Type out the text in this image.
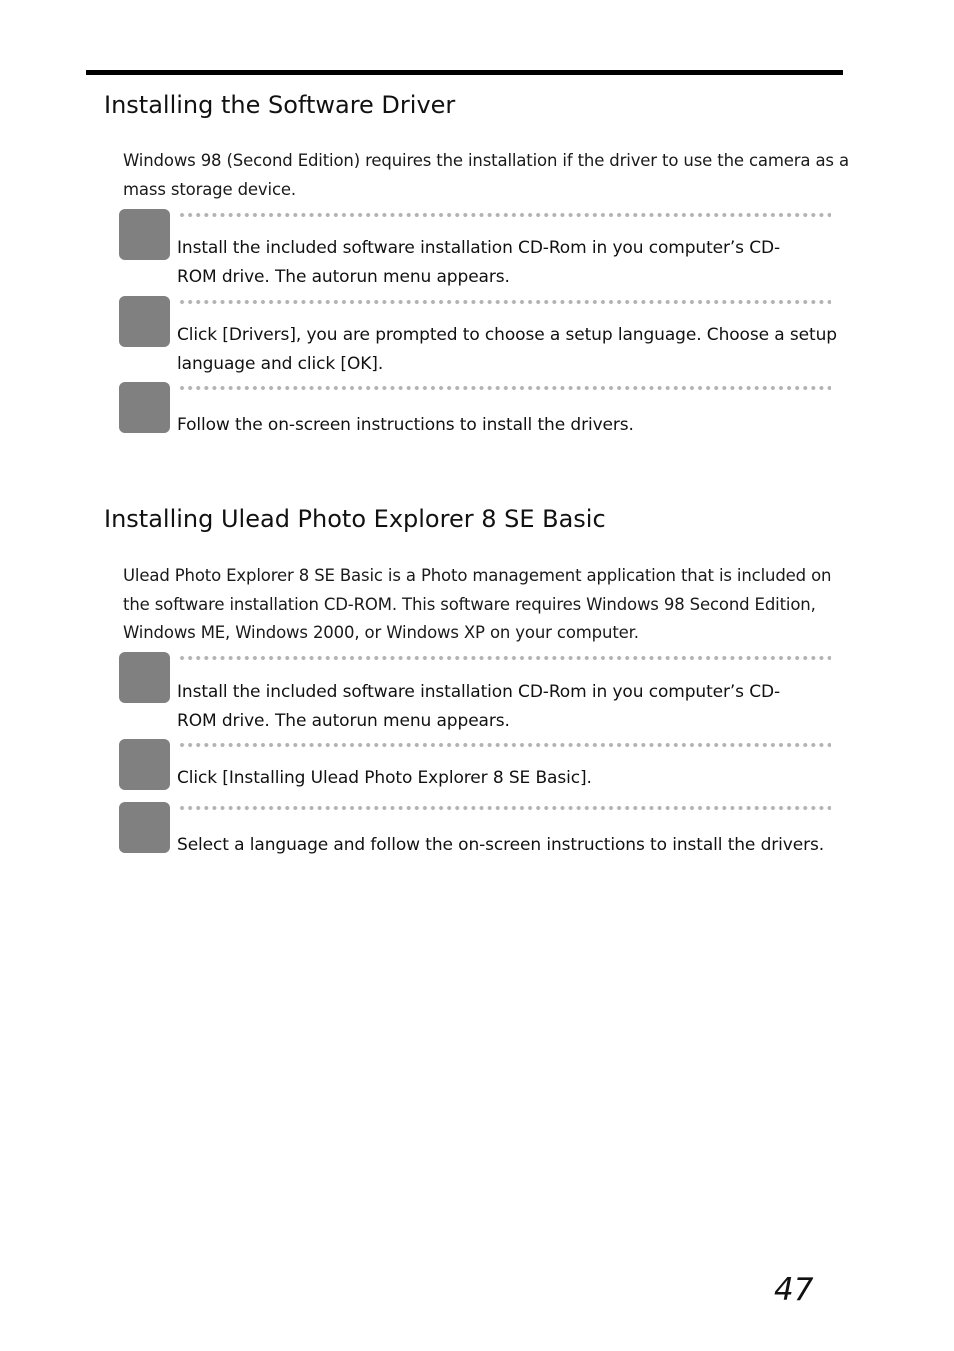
Installing the Software Driver

Windows 98 (Second Edition) requires the installation if the driver to use the camera as a mass storage device.

Install the included software installation CD-Rom in you computer’s CD-ROM drive. The autorun menu appears.

Click [Drivers], you are prompted to choose a setup language. Choose a setup language and click [OK].

Follow the on-screen instructions to install the drivers.

Installing Ulead Photo Explorer 8 SE Basic

Ulead Photo Explorer 8 SE Basic is a Photo management application that is included on the software installation CD-ROM. This software requires Windows 98 Second Edition, Windows ME, Windows 2000, or Windows XP on your computer.

Install the included software installation CD-Rom in you computer’s CD-ROM drive. The autorun menu appears.

Click [Installing Ulead Photo Explorer 8 SE Basic].

Select a language and follow the on-screen instructions to install the drivers.

47
